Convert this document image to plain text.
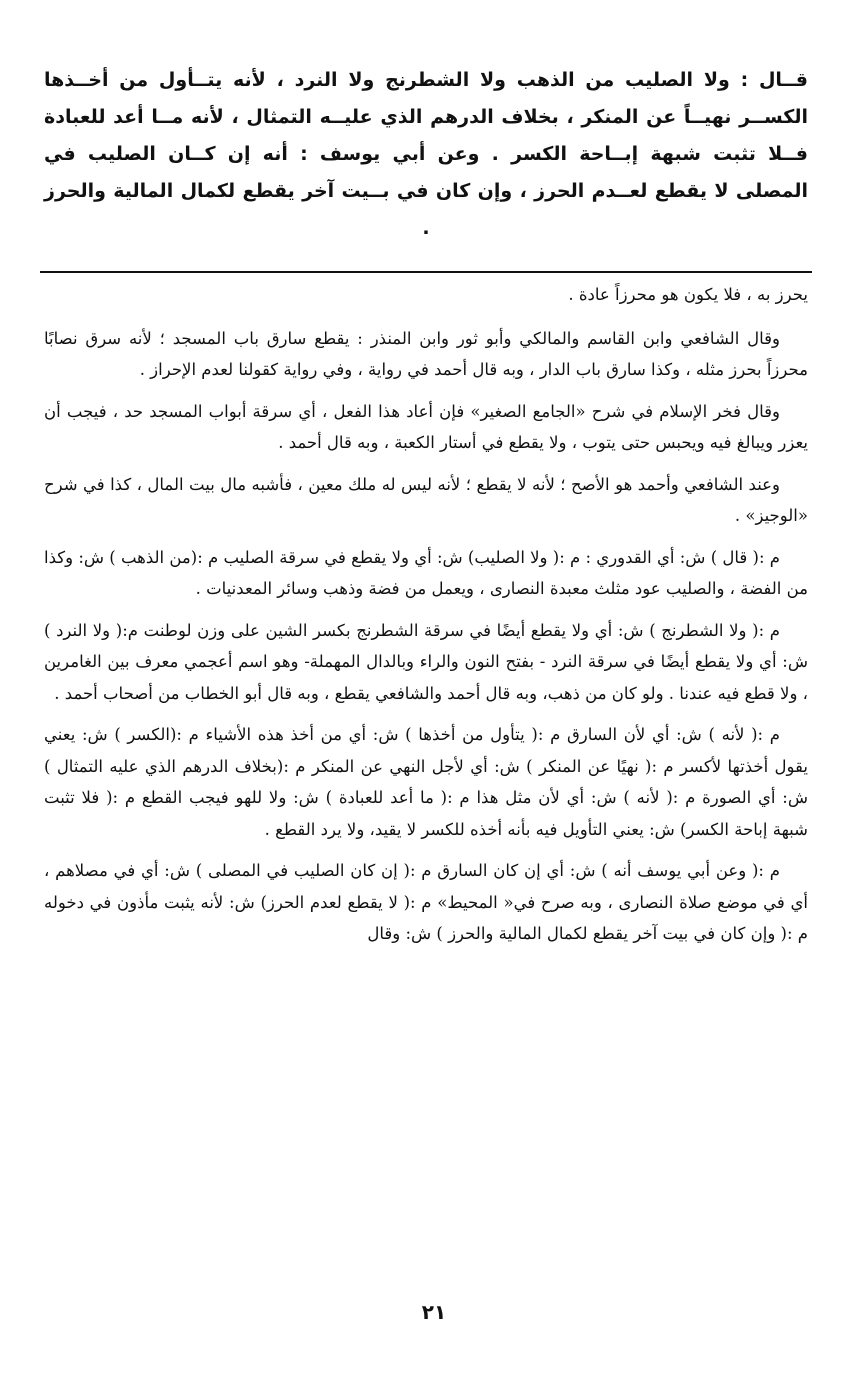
قــال : ولا الصليب من الذهب ولا الشطرنج ولا النرد ، لأنه يتــأول من أخــذها الكســر نهيــاً عن المنكر ، بخلاف الدرهم الذي عليــه التمثال ، لأنه مــا أعد للعبادة فــلا تثبت شبهة إبــاحة الكسر . وعن أبي يوسف : أنه إن كــان الصليب في المصلى لا يقطع لعــدم الحرز ، وإن كان في بــيت آخر يقطع لكمال المالية والحرز .

يحرز به ، فلا يكون هو محرزاً عادة .

وقال الشافعي وابن القاسم والمالكي وأبو ثور وابن المنذر : يقطع سارق باب المسجد ؛ لأنه سرق نصابًا محرزاً بحرز مثله ، وكذا سارق باب الدار ، وبه قال أحمد في رواية ، وفي رواية كقولنا لعدم الإحراز .

وقال فخر الإسلام في شرح «الجامع الصغير» فإن أعاد هذا الفعل ، أي سرقة أبواب المسجد حد ، فيجب أن يعزر ويبالغ فيه ويحبس حتى يتوب ، ولا يقطع في أستار الكعبة ، وبه قال أحمد .

وعند الشافعي وأحمد هو الأصح ؛ لأنه لا يقطع ؛ لأنه ليس له ملك معين ، فأشبه مال بيت المال ، كذا في شرح «الوجيز» .

م :( قال ) ش: أي القدوري : م :( ولا الصليب) ش: أي ولا يقطع في سرقة الصليب م :(من الذهب ) ش: وكذا من الفضة ، والصليب عود مثلث معبدة النصارى ، ويعمل من فضة وذهب وسائر المعدنيات .

م :( ولا الشطرنج ) ش: أي ولا يقطع أيضًا في سرقة الشطرنج بكسر الشين على وزن لوطنت م:( ولا النرد ) ش: أي ولا يقطع أيضًا في سرقة النرد - بفتح النون والراء وبالدال المهملة- وهو اسم أعجمي معرف بين الغامرين ، ولا قطع فيه عندنا . ولو كان من ذهب، وبه قال أحمد والشافعي يقطع ، وبه قال أبو الخطاب من أصحاب أحمد .

م :( لأنه ) ش: أي لأن السارق م :( يتأول من أخذها ) ش: أي من أخذ هذه الأشياء م :(الكسر ) ش: يعني يقول أخذتها لأكسر م :( نهيًا عن المنكر ) ش: أي لأجل النهي عن المنكر م :(بخلاف الدرهم الذي عليه التمثال ) ش: أي الصورة م :( لأنه ) ش: أي لأن مثل هذا م :( ما أعد للعبادة ) ش: ولا للهو فيجب القطع م :( فلا تثبت شبهة إباحة الكسر) ش: يعني التأويل فيه بأنه أخذه للكسر لا يقيد، ولا يرد القطع .

م :( وعن أبي يوسف أنه ) ش: أي إن كان السارق م :( إن كان الصليب في المصلى ) ش: أي في مصلاهم ، أي في موضع صلاة النصارى ، وبه صرح في« المحيط» م :( لا يقطع لعدم الحرز) ش: لأنه يثبت مأذون في دخوله م :( وإن كان في بيت آخر يقطع لكمال المالية والحرز ) ش: وقال

٢١
